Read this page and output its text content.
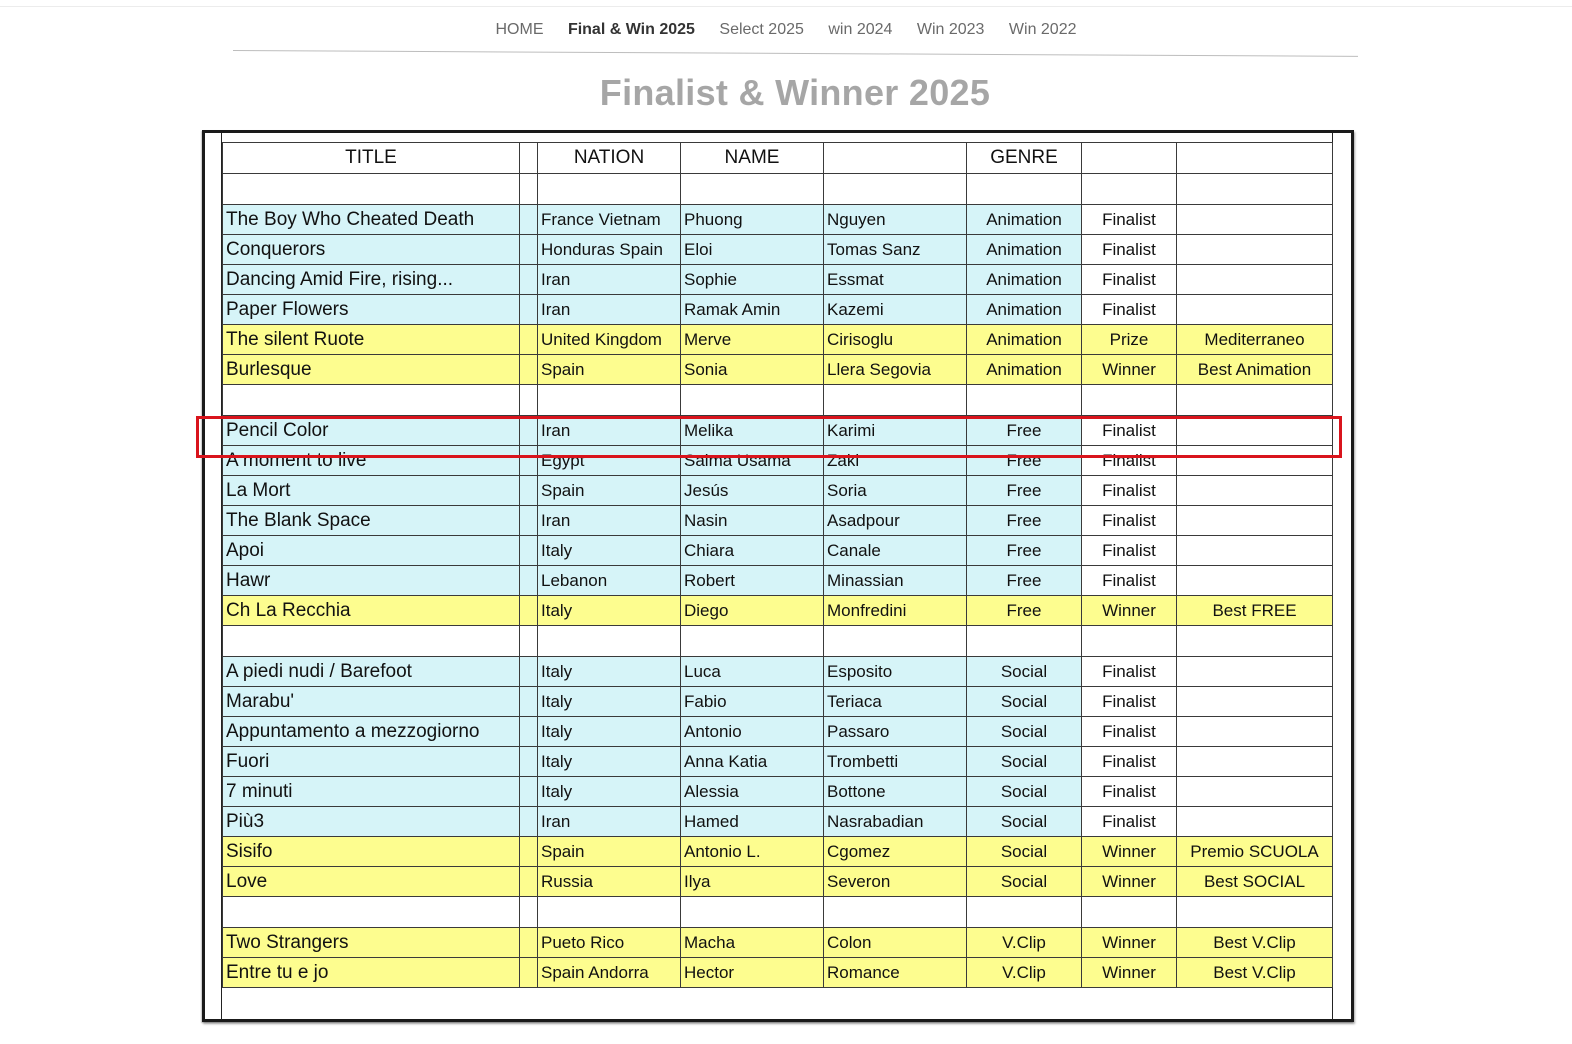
HOME Final & Win 2025 Select 2025 win 2024 Win 2023 Win 2022
Finalist & Winner 2025
TITLE		NATION	NAME		GENRE		

The Boy Who Cheated Death		France Vietnam	Phuong	Nguyen	Animation	Finalist	
Conquerors		Honduras Spain	Eloi	Tomas Sanz	Animation	Finalist	
Dancing Amid Fire, rising...		Iran	Sophie	Essmat	Animation	Finalist	
Paper Flowers		Iran	Ramak Amin	Kazemi	Animation	Finalist	
The silent Ruote		United Kingdom	Merve	Cirisoglu	Animation	Prize	Mediterraneo
Burlesque		Spain	Sonia	Llera Segovia	Animation	Winner	Best Animation

Pencil Color		Iran	Melika	Karimi	Free	Finalist	
A moment to live		Egypt	Salma Usama	Zaki	Free	Finalist	
La Mort		Spain	Jesús	Soria	Free	Finalist	
The Blank Space		Iran	Nasin	Asadpour	Free	Finalist	
Apoi		Italy	Chiara	Canale	Free	Finalist	
Hawr		Lebanon	Robert	Minassian	Free	Finalist	
Ch La Recchia		Italy	Diego	Monfredini	Free	Winner	Best FREE

A piedi nudi / Barefoot		Italy	Luca	Esposito	Social	Finalist	
Marabu'		Italy	Fabio	Teriaca	Social	Finalist	
Appuntamento a mezzogiorno		Italy	Antonio	Passaro	Social	Finalist	
Fuori		Italy	Anna Katia	Trombetti	Social	Finalist	
7 minuti		Italy	Alessia	Bottone	Social	Finalist	
Più3		Iran	Hamed	Nasrabadian	Social	Finalist	
Sisifo		Spain	Antonio L.	Cgomez	Social	Winner	Premio SCUOLA
Love		Russia	Ilya	Severon	Social	Winner	Best SOCIAL

Two Strangers		Pueto Rico	Macha	Colon	V.Clip	Winner	Best V.Clip
Entre tu e jo		Spain Andorra	Hector	Romance	V.Clip	Winner	Best V.Clip
